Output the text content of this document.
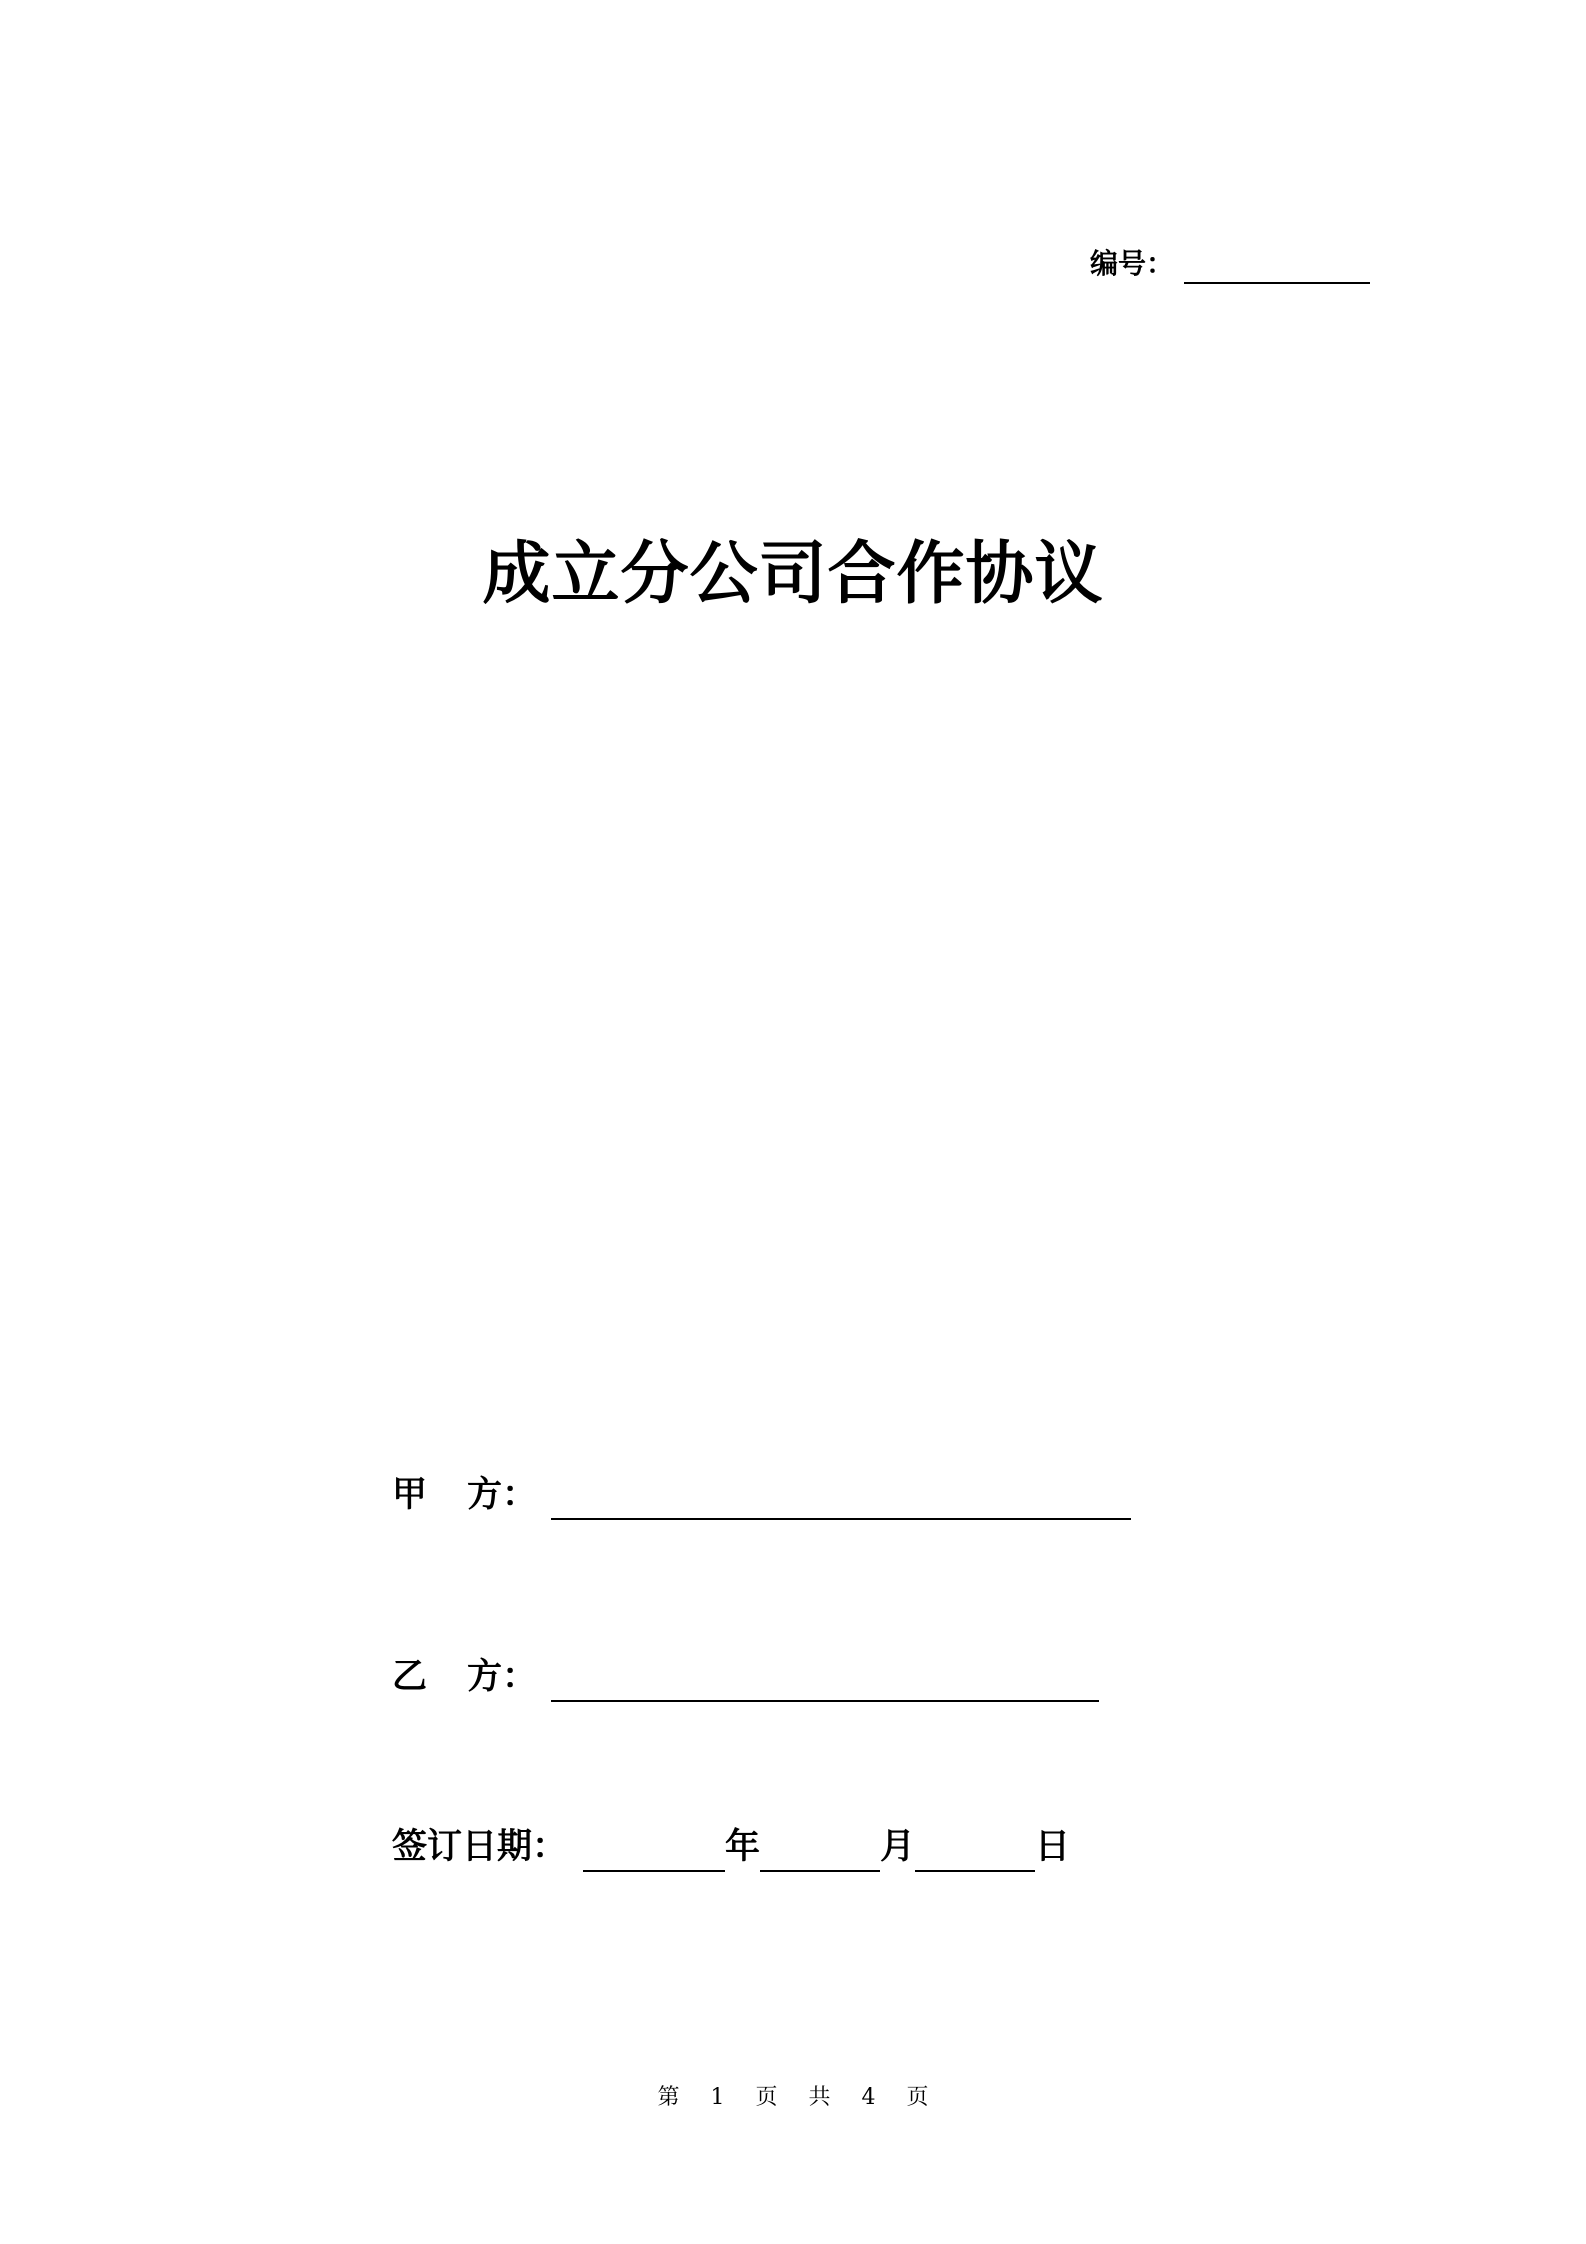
编号：
成立分公司合作协议
甲 方：
乙 方：
签订日期：	年	月	日
第 1 页 共 4 页
